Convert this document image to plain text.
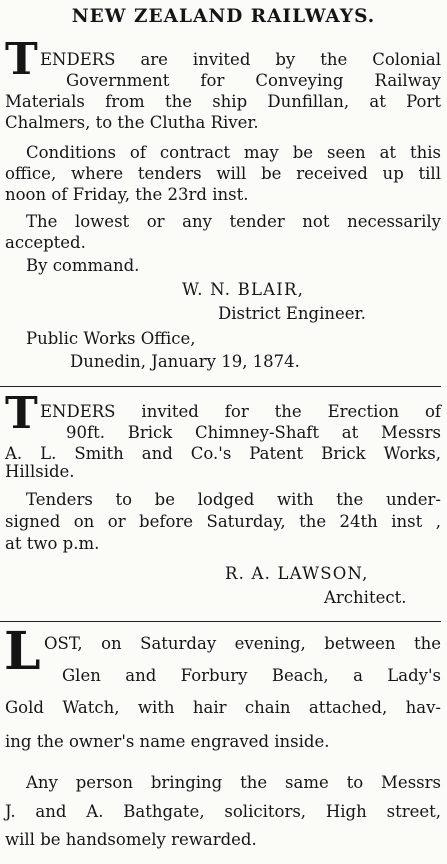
NEW ZEALAND RAILWAYS.
T ENDERS are invited by the Colonial
Government for Conveying Railway
Materials from the ship Dunfillan, at Port
Chalmers, to the Clutha River.
Conditions of contract may be seen at this
office, where tenders will be received up till
noon of Friday, the 23rd inst.
The lowest or any tender not necessarily
accepted.
By command.
W. N. BLAIR,
District Engineer.
Public Works Office,
Dunedin, January 19, 1874.
T ENDERS invited for the Erection of
90ft. Brick Chimney-Shaft at Messrs
A. L. Smith and Co.'s Patent Brick Works,
Hillside.
Tenders to be lodged with the under-
signed on or before Saturday, the 24th inst ,
at two p.m.
R. A. LAWSON,
Architect.
L OST, on Saturday evening, between the
Glen and Forbury Beach, a Lady's
Gold Watch, with hair chain attached, hav-
ing the owner's name engraved inside.
Any person bringing the same to Messrs
J. and A. Bathgate, solicitors, High street,
will be handsomely rewarded.
